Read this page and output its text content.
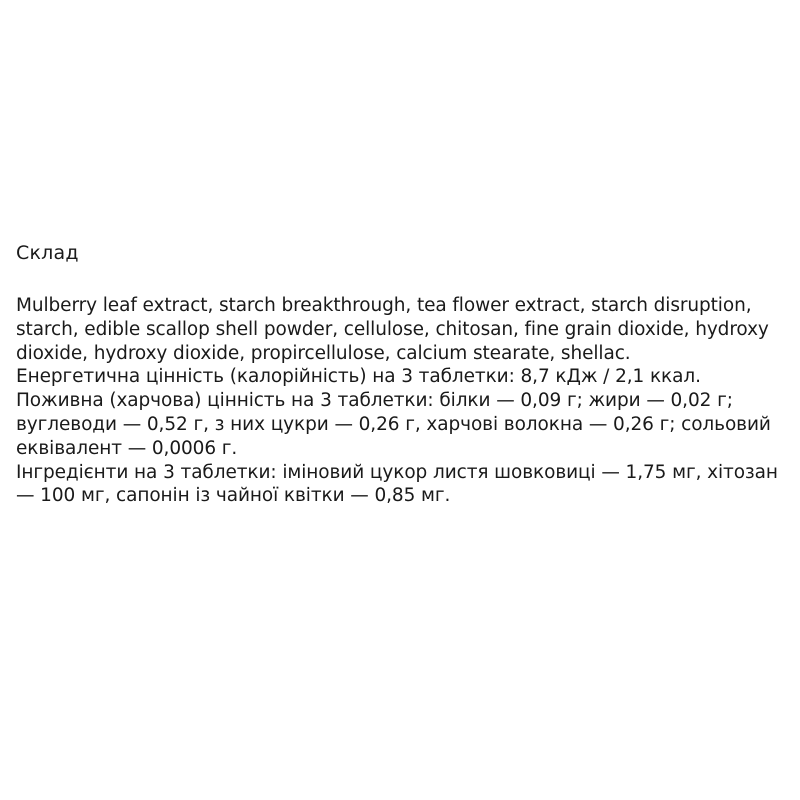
Склад

Mulberry leaf extract, starch breakthrough, tea flower extract, starch disruption,
starch, edible scallop shell powder, cellulose, chitosan, fine grain dioxide, hydroxy
dioxide, hydroxy dioxide, propircellulose, calcium stearate, shellac.
Енергетична цінність (калорійність) на 3 таблетки: 8,7 кДж / 2,1 ккал.
Поживна (харчова) цінність на 3 таблетки: білки — 0,09 г; жири — 0,02 г;
вуглеводи — 0,52 г, з них цукри — 0,26 г, харчові волокна — 0,26 г; сольовий
еквівалент — 0,0006 г.
Інгредієнти на 3 таблетки: іміновий цукор листя шовковиці — 1,75 мг, хітозан
— 100 мг, сапонін із чайної квітки — 0,85 мг.
